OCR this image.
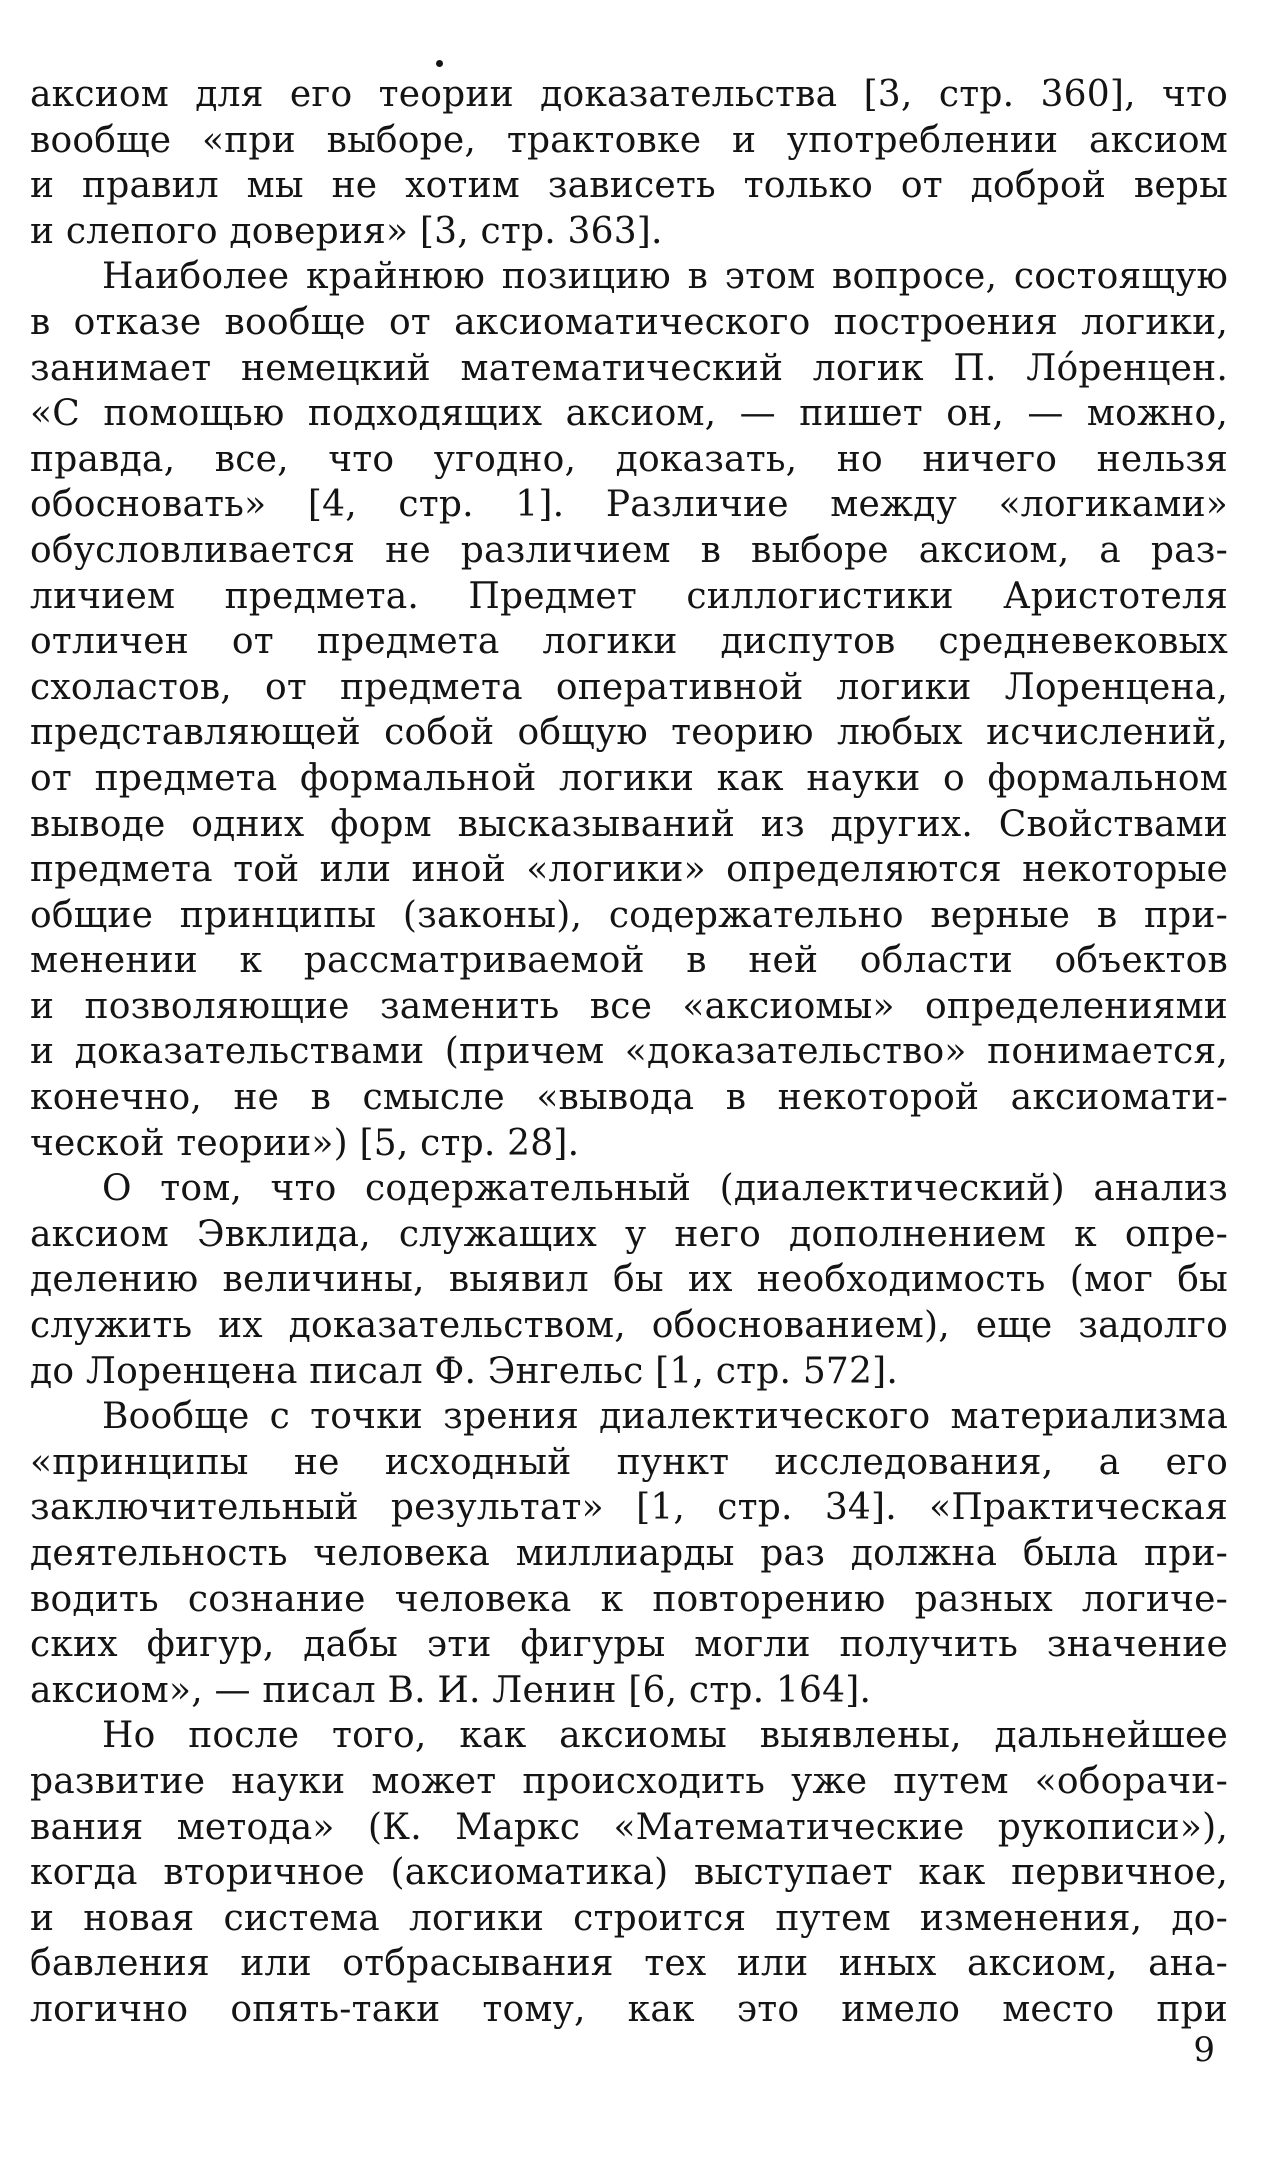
аксиом для его теории доказательства [3, стр. 360], что
вообще «при выборе, трактовке и употреблении аксиом
и правил мы не хотим зависеть только от доброй веры
и слепого доверия» [3, стр. 363].
Наиболее крайнюю позицию в этом вопросе, состоящую
в отказе вообще от аксиоматического построения логики,
занимает немецкий математический логик П. Лóренцен.
«С помощью подходящих аксиом, — пишет он, — можно,
правда, все, что угодно, доказать, но ничего нельзя
обосновать» [4, стр. 1]. Различие между «логиками»
обусловливается не различием в выборе аксиом, а раз-
личием предмета. Предмет силлогистики Аристотеля
отличен от предмета логики диспутов средневековых
схоластов, от предмета оперативной логики Лоренцена,
представляющей собой общую теорию любых исчислений,
от предмета формальной логики как науки о формальном
выводе одних форм высказываний из других. Свойствами
предмета той или иной «логики» определяются некоторые
общие принципы (законы), содержательно верные в при-
менении к рассматриваемой в ней области объектов
и позволяющие заменить все «аксиомы» определениями
и доказательствами (причем «доказательство» понимается,
конечно, не в смысле «вывода в некоторой аксиомати-
ческой теории») [5, стр. 28].
О том, что содержательный (диалектический) анализ
аксиом Эвклида, служащих у него дополнением к опре-
делению величины, выявил бы их необходимость (мог бы
служить их доказательством, обоснованием), еще задолго
до Лоренцена писал Ф. Энгельс [1, стр. 572].
Вообще с точки зрения диалектического материализма
«принципы не исходный пункт исследования, а его
заключительный результат» [1, стр. 34]. «Практическая
деятельность человека миллиарды раз должна была при-
водить сознание человека к повторению разных логиче-
ских фигур, дабы эти фигуры могли получить значение
аксиом», — писал В. И. Ленин [6, стр. 164].
Но после того, как аксиомы выявлены, дальнейшее
развитие науки может происходить уже путем «оборачи-
вания метода» (К. Маркс «Математические рукописи»),
когда вторичное (аксиоматика) выступает как первичное,
и новая система логики строится путем изменения, до-
бавления или отбрасывания тех или иных аксиом, ана-
логично опять-таки тому, как это имело место при
9
